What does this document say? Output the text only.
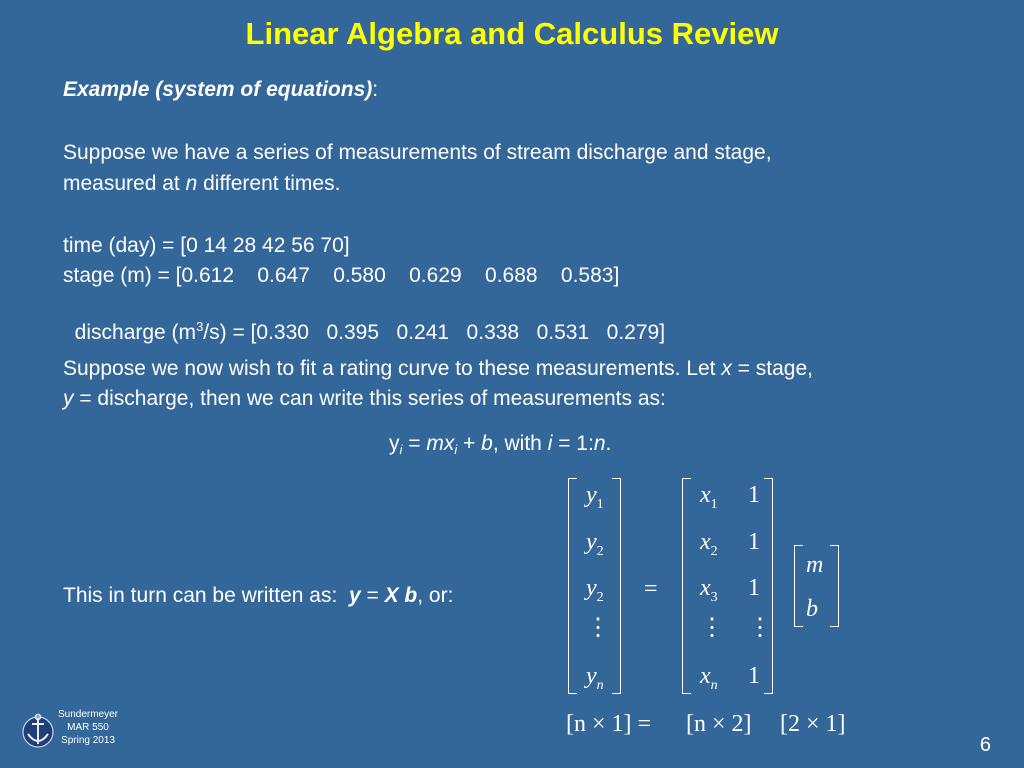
Linear Algebra and Calculus Review
Example (system of equations):
Suppose we have a series of measurements of stream discharge and stage,
measured at n different times.
time (day) = [0 14 28 42 56 70]
stage (m) = [0.612    0.647    0.580    0.629    0.688    0.583]

discharge $(m^3/s) = [0.330$   0.395   0.241   0.338   0.531   0.279]

Suppose we now wish to fit a rating curve to these measurements. Let x = stage,
y = discharge, then we can write this series of measurements as:
$y_i = mx_i + b$, with i = 1:n.
This in turn can be written as:  y = X b, or:
$y_1$
$y_2$
$y_2$
⋮
$y_n$
=
$x_1$
$x_2$
$x_3$
⋮
$x_n$
1
1
1
⋮
1
m
b
[n × 1] = [n × 2] [2 × 1]
Sundermeyer
MAR 550
Spring 2013	6
